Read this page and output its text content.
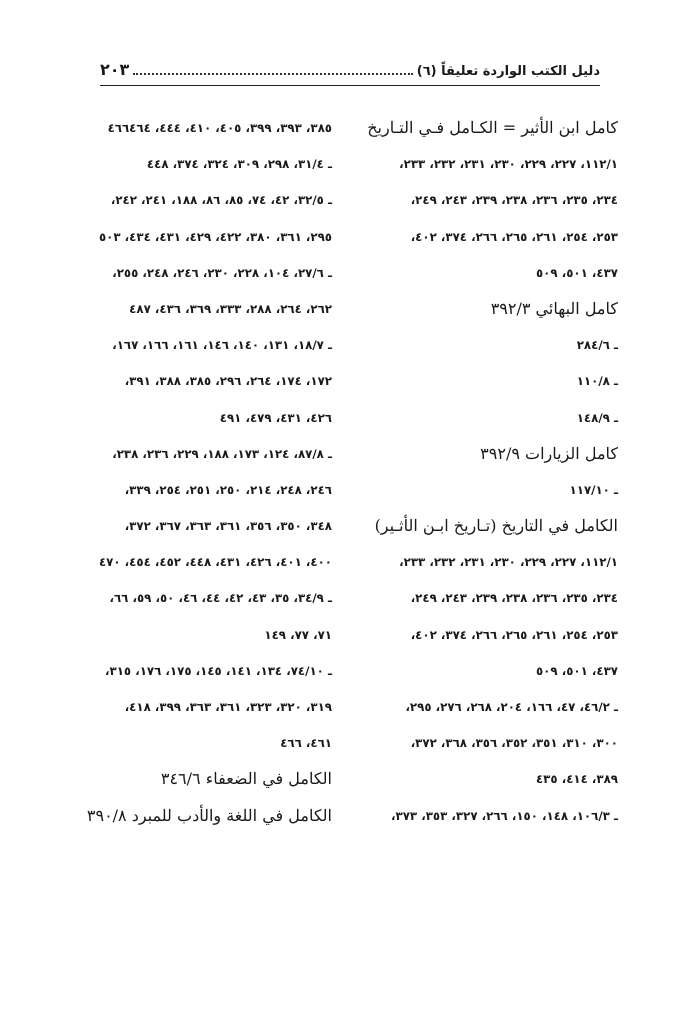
دليل الكتب الواردة تعليقاً (٦)
٢٠٣
كامل ابن الأثير = الكـامل فـي التـاريخ
١١٢/١، ٢٢٧، ٢٢٩، ٢٣٠، ٢٣١، ٢٣٢، ٢٣٣،
٢٣٤، ٢٣٥، ٢٣٦، ٢٣٨، ٢٣٩، ٢٤٣، ٢٤٩،
٢٥٣، ٢٥٤، ٢٦١، ٢٦٥، ٢٦٦، ٣٧٤، ٤٠٢،
٤٣٧، ٥٠١، ٥٠٩
كامل البهائي ٣٩٢/٣
ـ ٢٨٤/٦
ـ ١١٠/٨
ـ ١٤٨/٩
كامل الزيارات ٣٩٢/٩
ـ ١١٧/١٠
الكامل في التاريخ (تـاريخ ابـن الأثـير)
١١٢/١، ٢٢٧، ٢٢٩، ٢٣٠، ٢٣١، ٢٣٢، ٢٣٣،
٢٣٤، ٢٣٥، ٢٣٦، ٢٣٨، ٢٣٩، ٢٤٣، ٢٤٩،
٢٥٣، ٢٥٤، ٢٦١، ٢٦٥، ٢٦٦، ٣٧٤، ٤٠٢،
٤٣٧، ٥٠١، ٥٠٩
ـ ٤٦/٢، ٤٧، ١٦٦، ٢٠٤، ٢٦٨، ٢٧٦، ٢٩٥،
٣٠٠، ٣١٠، ٣٥١، ٣٥٢، ٣٥٦، ٣٦٨، ٣٧٢،
٣٨٩، ٤١٤، ٤٣٥
ـ ١٠٦/٣، ١٤٨، ١٥٠، ٢٦٦، ٣٢٧، ٣٥٣، ٣٧٣،
٣٨٥، ٣٩٣، ٣٩٩، ٤٠٥، ٤١٠، ٤٤٤، ٤٦٦٤٦٤
ـ ٣١/٤، ٢٩٨، ٣٠٩، ٣٢٤، ٣٧٤، ٤٤٨
ـ ٣٢/٥، ٤٢، ٧٤، ٨٥، ٨٦، ١٨٨، ٢٤١، ٢٤٢،
٢٩٥، ٣٦١، ٣٨٠، ٤٢٢، ٤٢٩، ٤٣١، ٤٣٤، ٥٠٣
ـ ٢٧/٦، ١٠٤، ٢٢٨، ٢٣٠، ٢٤٦، ٢٤٨، ٢٥٥،
٢٦٢، ٢٦٤، ٢٨٨، ٣٣٣، ٣٦٩، ٤٣٦، ٤٨٧
ـ ١٨/٧، ١٣١، ١٤٠، ١٤٦، ١٦١، ١٦٦، ١٦٧،
١٧٢، ١٧٤، ٢٦٤، ٢٩٦، ٣٨٥، ٣٨٨، ٣٩١،
٤٢٦، ٤٣١، ٤٧٩، ٤٩١
ـ ٨٧/٨، ١٢٤، ١٧٣، ١٨٨، ٢٢٩، ٢٣٦، ٢٣٨،
٢٤٦، ٢٤٨، ٢١٤، ٢٥٠، ٢٥١، ٢٥٤، ٣٣٩،
٣٤٨، ٣٥٠، ٣٥٦، ٣٦١، ٣٦٣، ٣٦٧، ٣٧٢،
٤٠٠، ٤٠١، ٤٢٦، ٤٣١، ٤٤٨، ٤٥٢، ٤٥٤، ٤٧٠
ـ ٣٤/٩، ٣٥، ٤٣، ٤٢، ٤٤، ٤٦، ٥٠، ٥٩، ٦٦،
٧١، ٧٧، ١٤٩
ـ ٧٤/١٠، ١٣٤، ١٤١، ١٤٥، ١٧٥، ١٧٦، ٣١٥،
٣١٩، ٣٢٠، ٣٢٣، ٣٦١، ٣٦٣، ٣٩٩، ٤١٨،
٤٦١، ٤٦٦
الكامل في الضعفاء ٣٤٦/٦
الكامل في اللغة والأدب للمبرد ٣٩٠/٨
